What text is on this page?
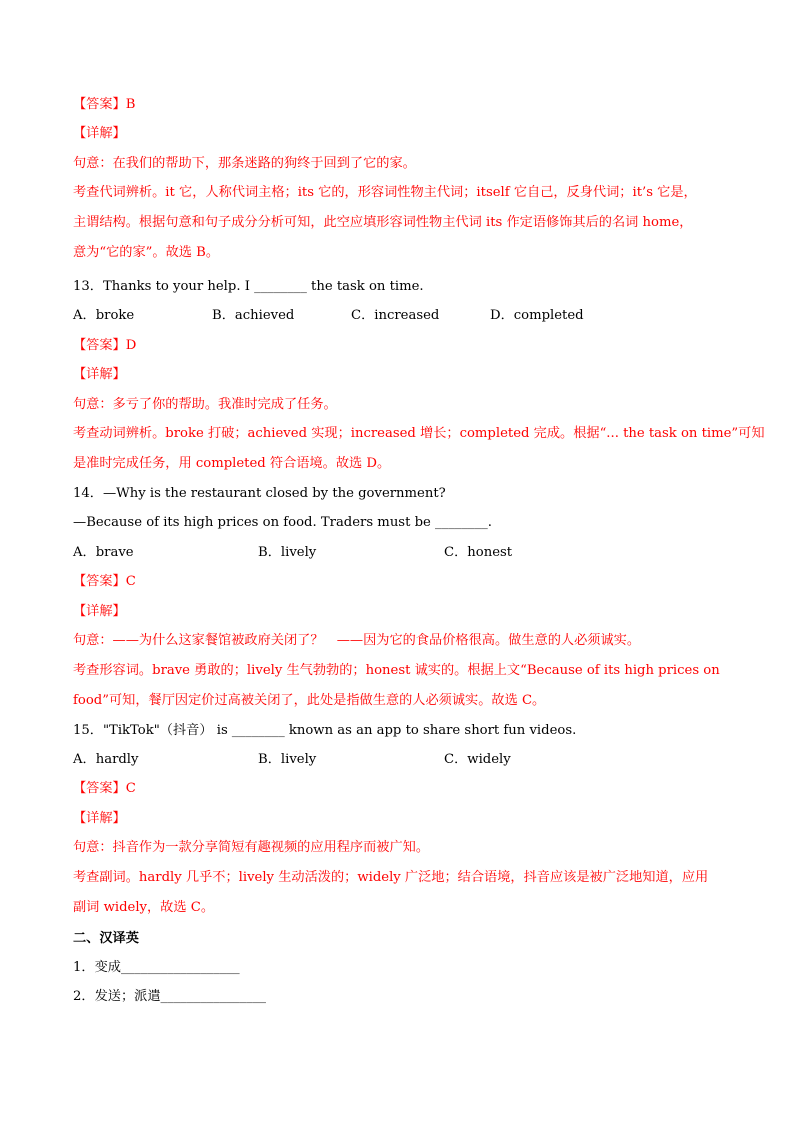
【答案】B
【详解】
句意：在我们的帮助下，那条迷路的狗终于回到了它的家。
考查代词辨析。it 它，人称代词主格；its 它的，形容词性物主代词；itself 它自己，反身代词；it’s 它是，
主谓结构。根据句意和句子成分分析可知，此空应填形容词性物主代词 its 作定语修饰其后的名词 home，
意为“它的家”。故选 B。
13．Thanks to your help. I ________ the task on time.
A．broke	B．achieved	C．increased	D．completed
【答案】D
【详解】
句意：多亏了你的帮助。我准时完成了任务。
考查动词辨析。broke 打破；achieved 实现；increased 增长；completed 完成。根据“... the task on time”可知
是准时完成任务，用 completed 符合语境。故选 D。
14．—Why is the restaurant closed by the government?
—Because of its high prices on food. Traders must be ________.
A．brave	B．lively	C．honest
【答案】C
【详解】
句意：——为什么这家餐馆被政府关闭了？　——因为它的食品价格很高。做生意的人必须诚实。
考查形容词。brave 勇敢的；lively 生气勃勃的；honest 诚实的。根据上文“Because of its high prices on
food”可知，餐厅因定价过高被关闭了，此处是指做生意的人必须诚实。故选 C。
15．"TikTok"（抖音） is ________ known as an app to share short fun videos.
A．hardly	B．lively	C．widely
【答案】C
【详解】
句意：抖音作为一款分享简短有趣视频的应用程序而被广知。
考查副词。hardly 几乎不；lively 生动活泼的；widely 广泛地；结合语境，抖音应该是被广泛地知道，应用
副词 widely，故选 C。
二、汉译英
1．变成__________________
2．发送；派遣________________
